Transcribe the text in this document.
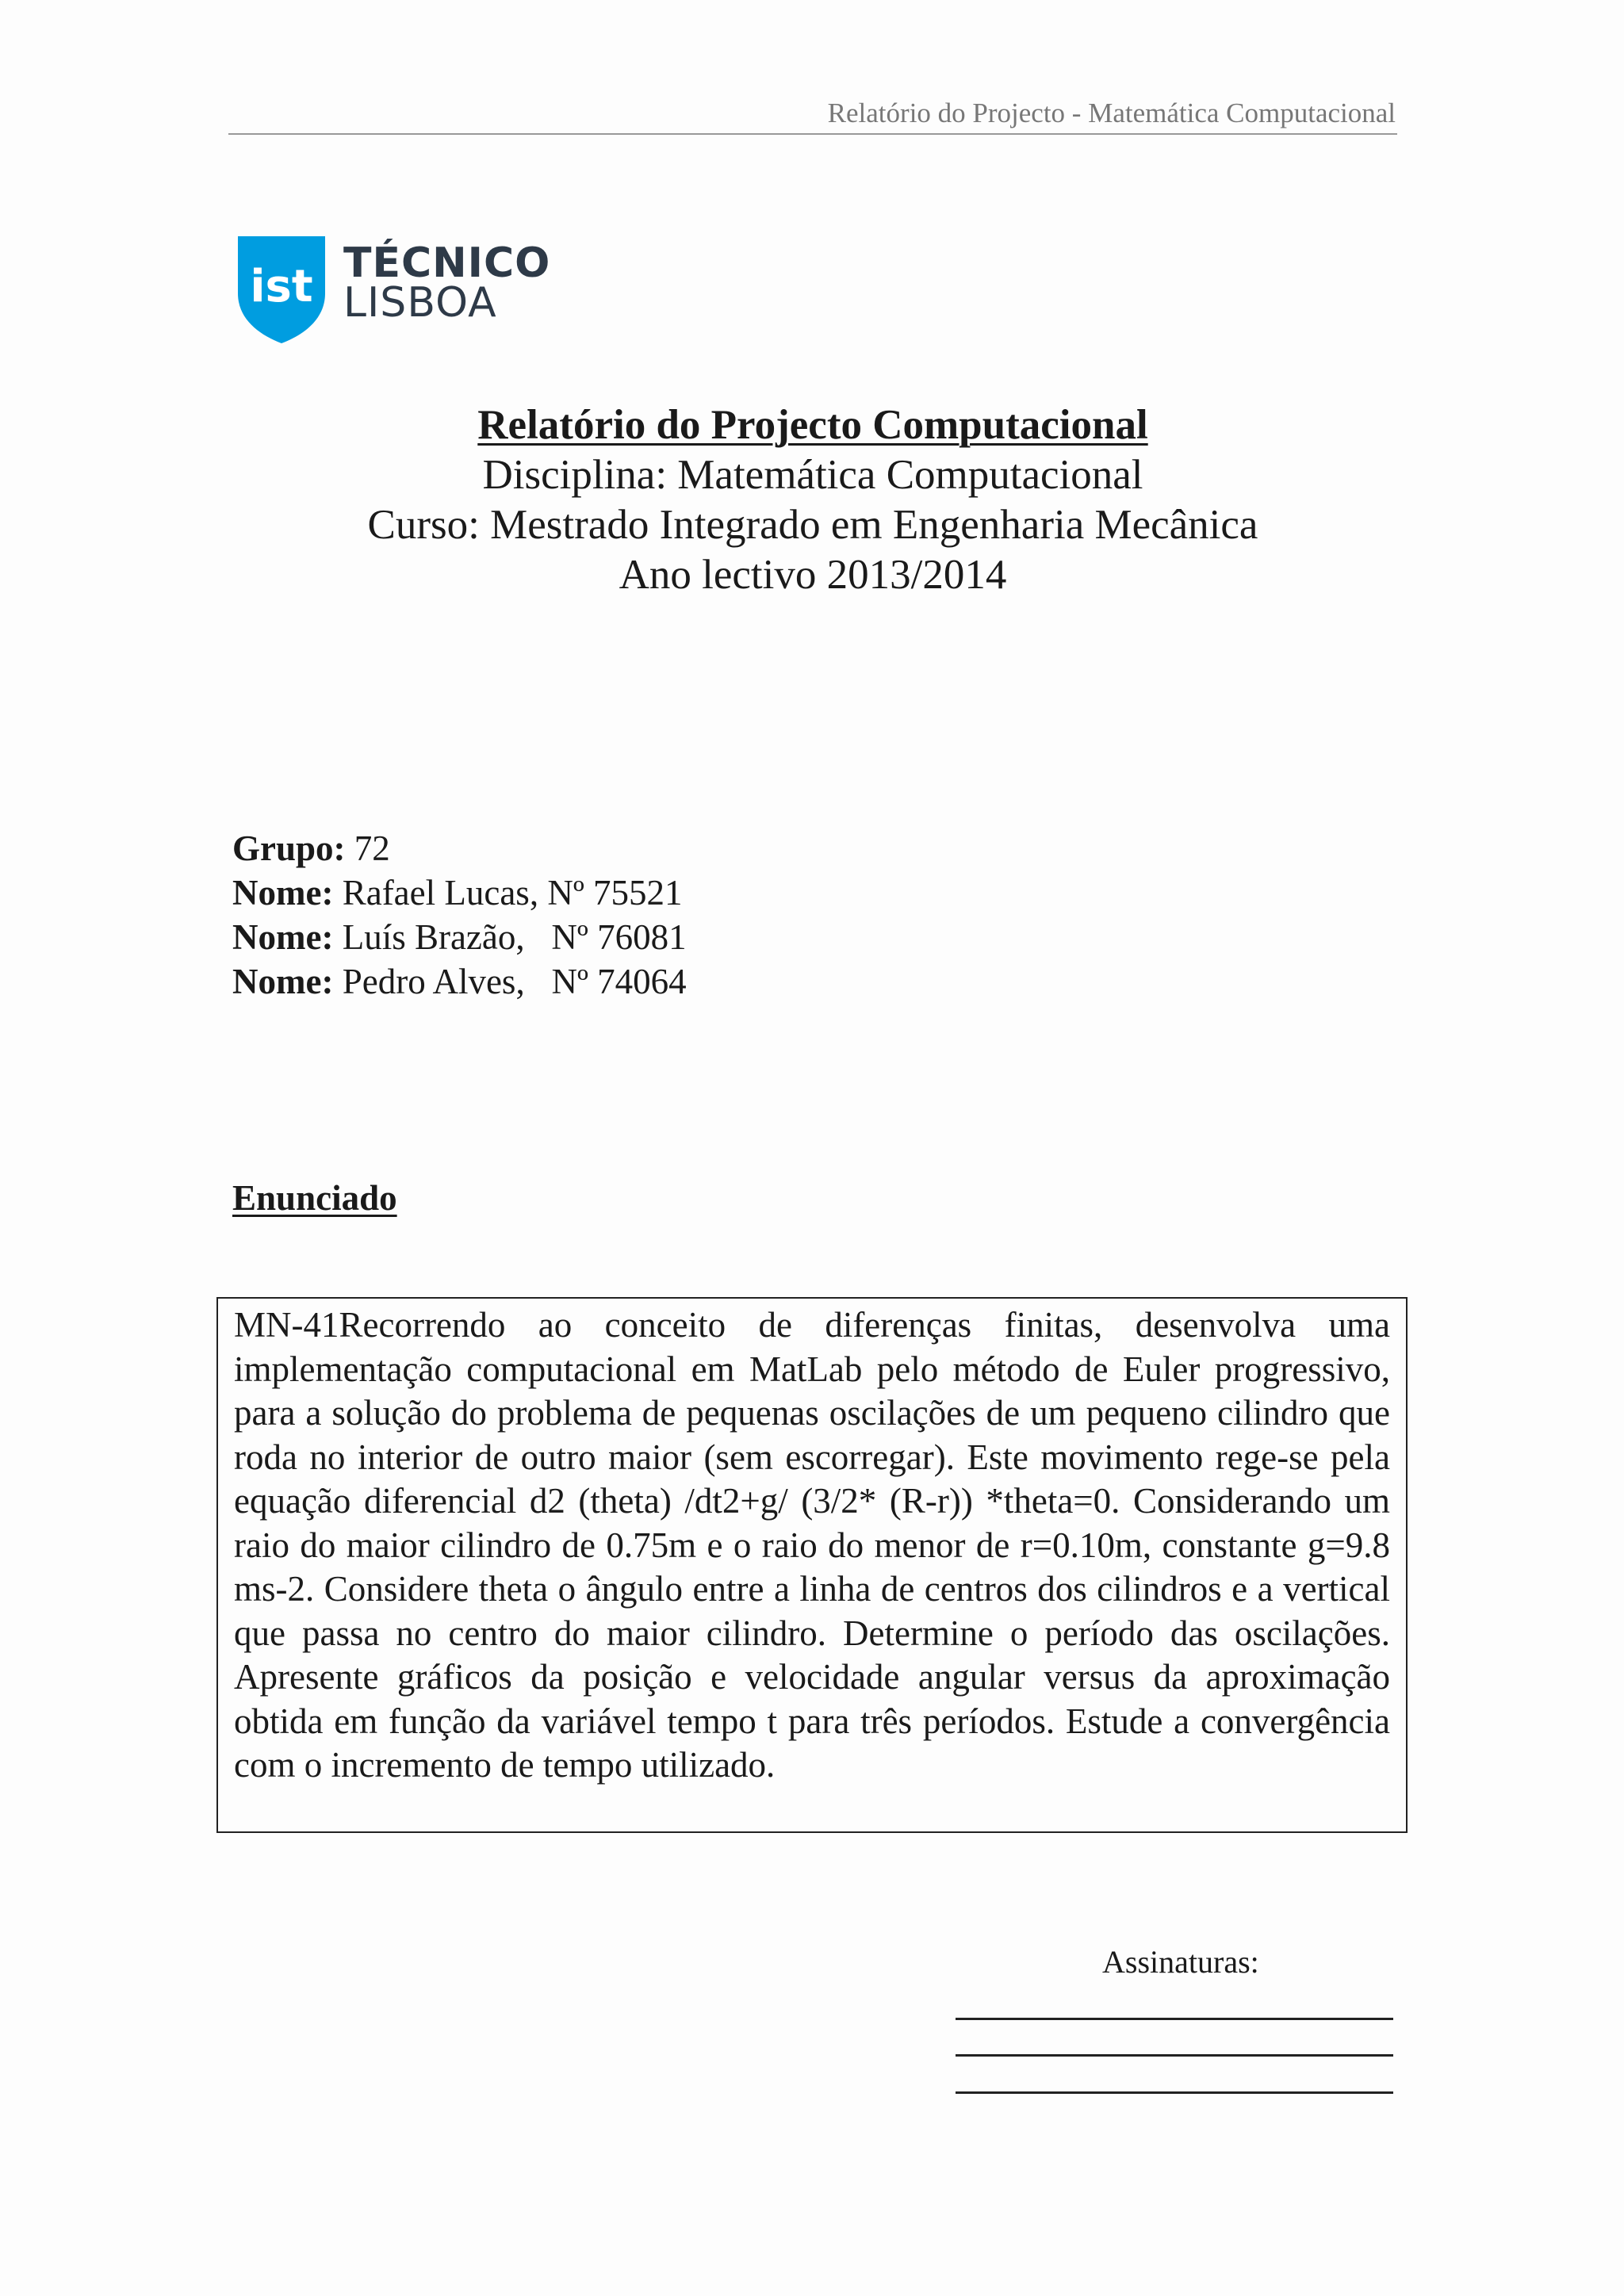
Relatório do Projecto - Matemática Computacional
ist TÉCNICO
LISBOA
Relatório do Projecto Computacional
Disciplina: Matemática Computacional
Curso: Mestrado Integrado em Engenharia Mecânica
Ano lectivo 2013/2014
Grupo: 72
Nome: Rafael Lucas, Nº 75521
Nome: Luís Brazão,   Nº 76081
Nome: Pedro Alves,   Nº 74064
Enunciado

MN-41Recorrendo ao conceito de diferenças finitas, desenvolva uma implementação computacional em MatLab pelo método de Euler progressivo, para a solução do problema de pequenas oscilações de um pequeno cilindro que roda no interior de outro maior (sem escorregar). Este movimento rege-se pela equação diferencial d2 (theta) /dt2+g/ (3/2* (R-r)) *theta=0. Considerando um raio do maior cilindro de 0.75m e o raio do menor de r=0.10m, constante g=9.8 ms-2. Considere theta o ângulo entre a linha de centros dos cilindros e a vertical que passa no centro do maior cilindro. Determine o período das oscilações. Apresente gráficos da posição e velocidade angular versus da aproximação obtida em função da variável tempo t para três períodos. Estude a convergência com o incremento de tempo utilizado.

Assinaturas:
